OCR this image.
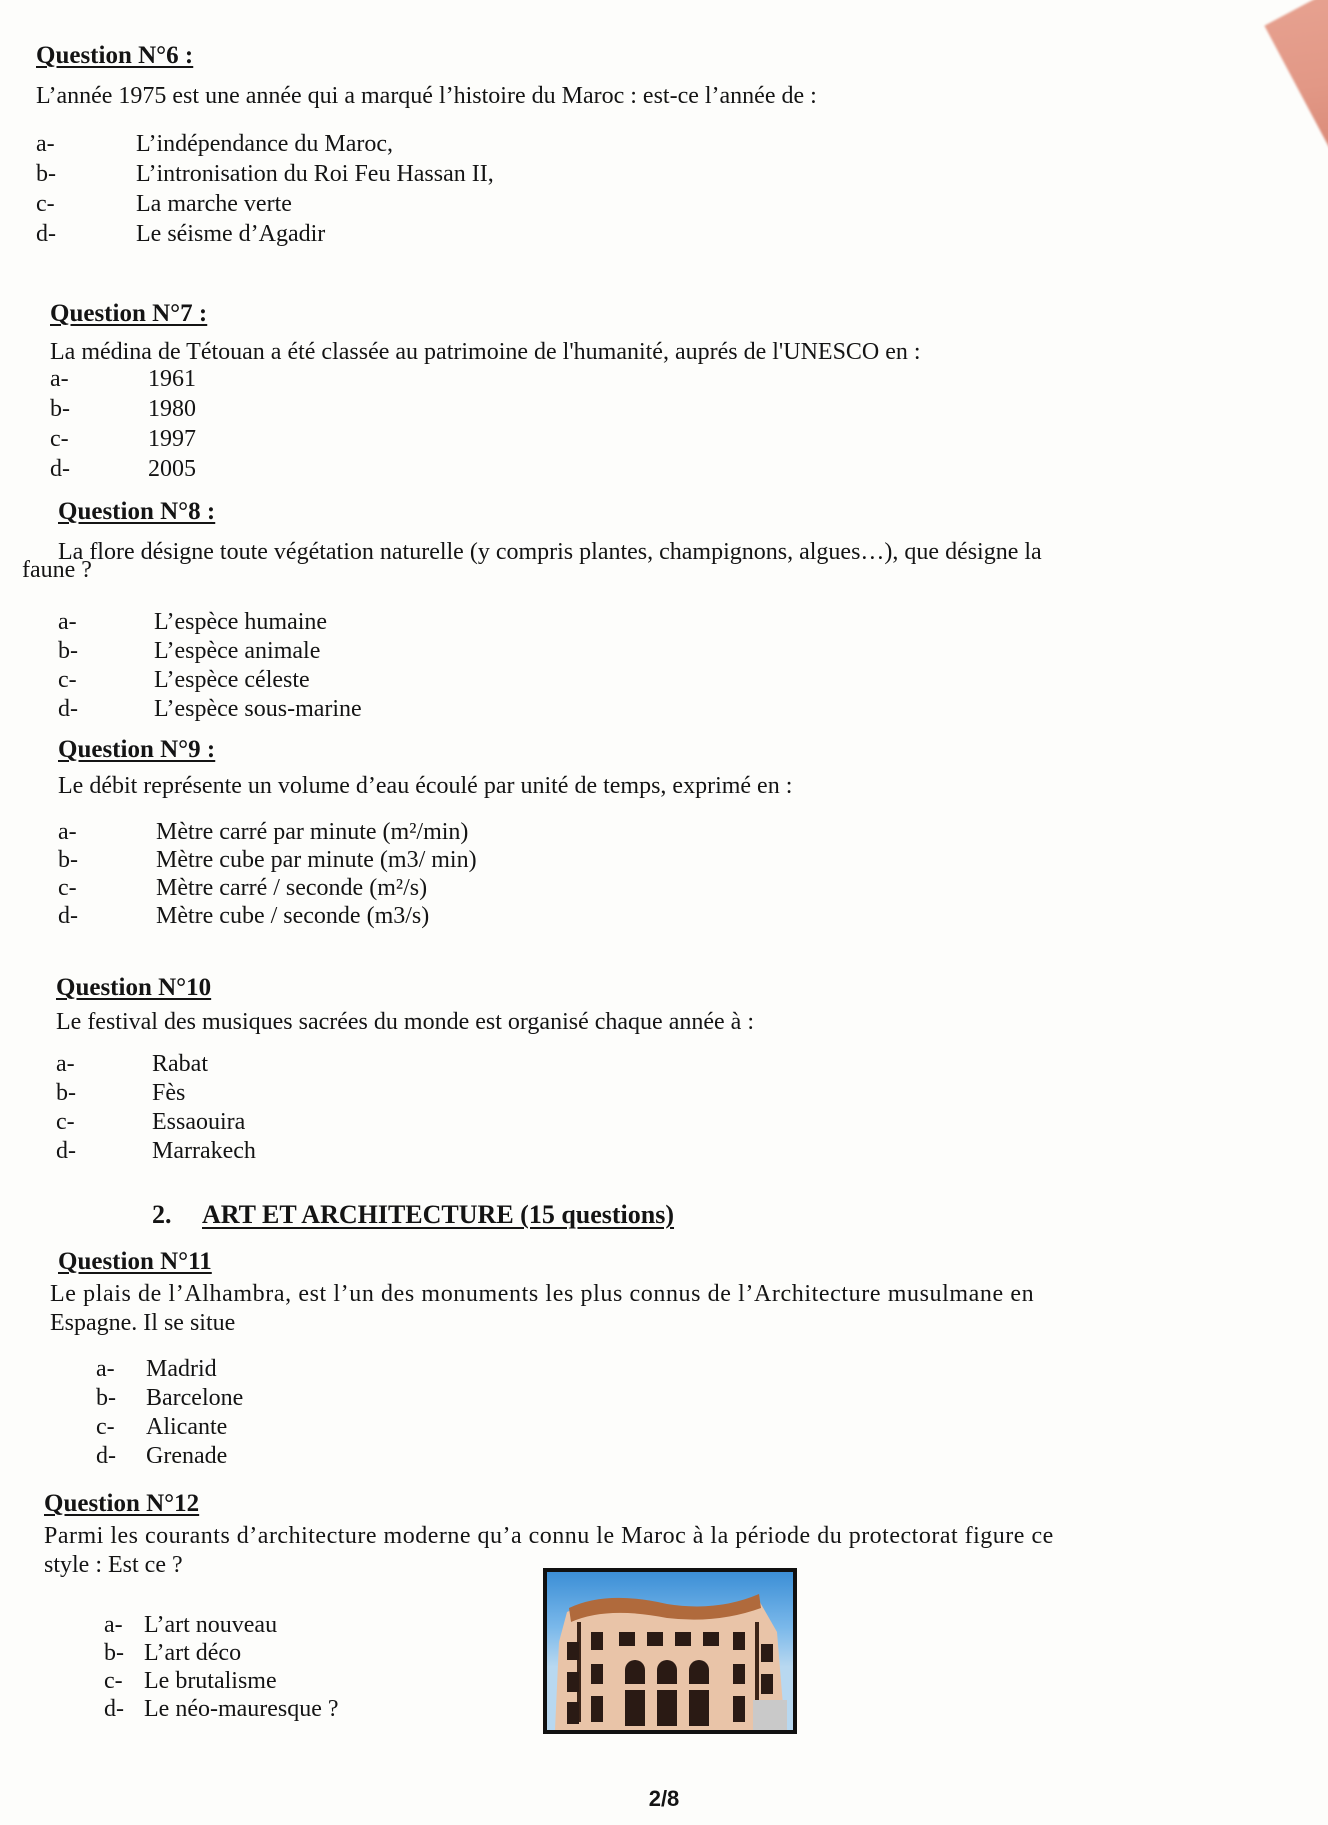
Question N°6 :
L’année 1975 est une année qui a marqué l’histoire du Maroc : est-ce l’année de :
a-	L’indépendance du Maroc,
b-	L’intronisation du Roi Feu Hassan II,
c-	La marche verte
d-	Le séisme d’Agadir
Question N°7 :
La médina de Tétouan a été classée au patrimoine de l'humanité, auprés de l'UNESCO en :
a-	1961
b-	1980
c-	1997
d-	2005
Question N°8 :
La flore désigne toute végétation naturelle (y compris plantes, champignons, algues…), que désigne la
faune ?
a-	L’espèce humaine
b-	L’espèce animale
c-	L’espèce céleste
d-	L’espèce sous-marine
Question N°9 :
Le débit représente un volume d’eau écoulé par unité de temps, exprimé en :
a-	Mètre carré par minute (m²/min)
b-	Mètre cube par minute (m3/ min)
c-	Mètre carré / seconde (m²/s)
d-	Mètre cube / seconde (m3/s)
Question N°10
Le festival des musiques sacrées du monde est organisé chaque année à :
a-	Rabat
b-	Fès
c-	Essaouira
d-	Marrakech
2. ART ET ARCHITECTURE (15 questions)
Question N°11
Le plais de l’Alhambra, est l’un des monuments les plus connus de l’Architecture musulmane en
Espagne. Il se situe
a- Madrid
b- Barcelone
c- Alicante
d- Grenade
Question N°12
Parmi les courants d’architecture moderne qu’a connu le Maroc à la période du protectorat figure ce
style : Est ce ?
a- L’art nouveau
b- L’art déco
c- Le brutalisme
d- Le néo-mauresque ?
2/8
